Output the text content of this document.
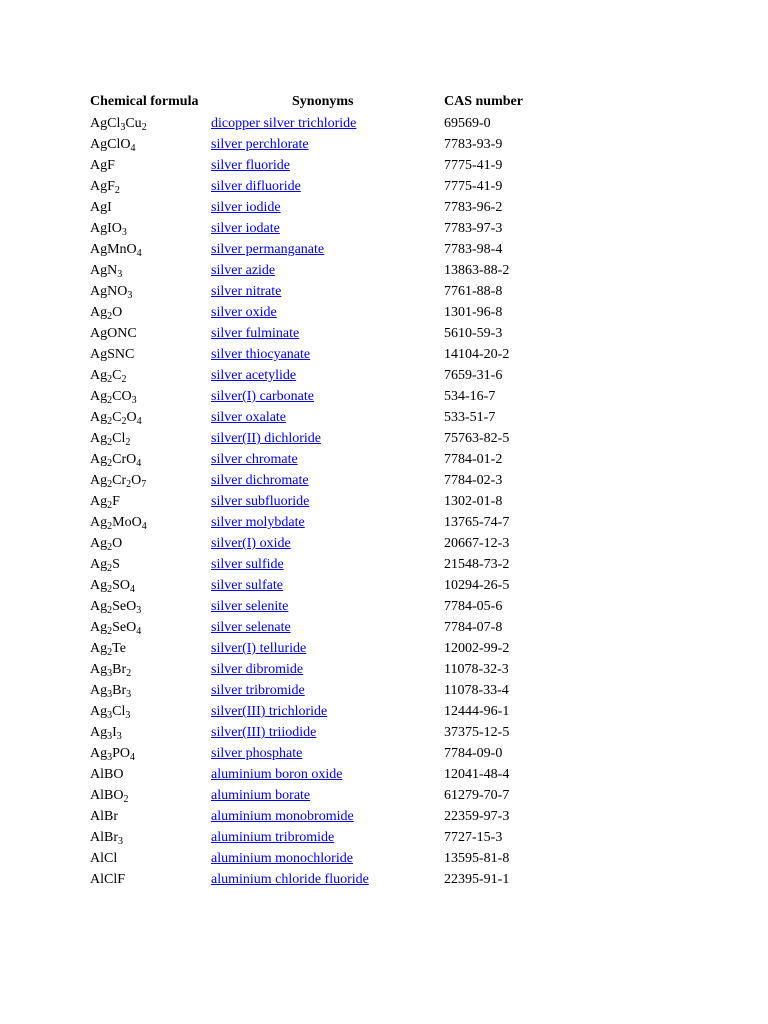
Chemical formula	Synonyms	CAS number
$AgCl_3Cu_2$	dicopper silver trichloride	69569-0
AgClO$_4$	silver perchlorate	7783-93-9
AgF	silver fluoride	7775-41-9
AgF$_2$	silver difluoride	7775-41-9
AgI	silver iodide	7783-96-2
AgIO$_3$	silver iodate	7783-97-3
AgMnO$_4$	silver permanganate	7783-98-4
AgN$_3$	silver azide	13863-88-2
AgNO$_3$	silver nitrate	7761-88-8
$Ag_2O$	silver oxide	1301-96-8
AgONC	silver fulminate	5610-59-3
AgSNC	silver thiocyanate	14104-20-2
$Ag_2C_2$	silver acetylide	7659-31-6
$Ag_2CO_3$	silver(I) carbonate	534-16-7
$Ag_2C_2O_4$	silver oxalate	533-51-7
$Ag_2Cl_2$	silver(II) dichloride	75763-82-5
$Ag_2CrO_4$	silver chromate	7784-01-2
$Ag_2Cr_2O_7$	silver dichromate	7784-02-3
$Ag_2F$	silver subfluoride	1302-01-8
$Ag_2MoO_4$	silver molybdate	13765-74-7
$Ag_2O$	silver(I) oxide	20667-12-3
$Ag_2S$	silver sulfide	21548-73-2
$Ag_2SO_4$	silver sulfate	10294-26-5
$Ag_2SeO_3$	silver selenite	7784-05-6
$Ag_2SeO_4$	silver selenate	7784-07-8
$Ag_2Te$	silver(I) telluride	12002-99-2
$Ag_3Br_2$	silver dibromide	11078-32-3
$Ag_3Br_3$	silver tribromide	11078-33-4
$Ag_3Cl_3$	silver(III) trichloride	12444-96-1
$Ag_3I_3$	silver(III) triiodide	37375-12-5
$Ag_3PO_4$	silver phosphate	7784-09-0
AlBO	aluminium boron oxide	12041-48-4
AlBO$_2$	aluminium borate	61279-70-7
AlBr	aluminium monobromide	22359-97-3
AlBr$_3$	aluminium tribromide	7727-15-3
AlCl	aluminium monochloride	13595-81-8
AlClF	aluminium chloride fluoride	22395-91-1
